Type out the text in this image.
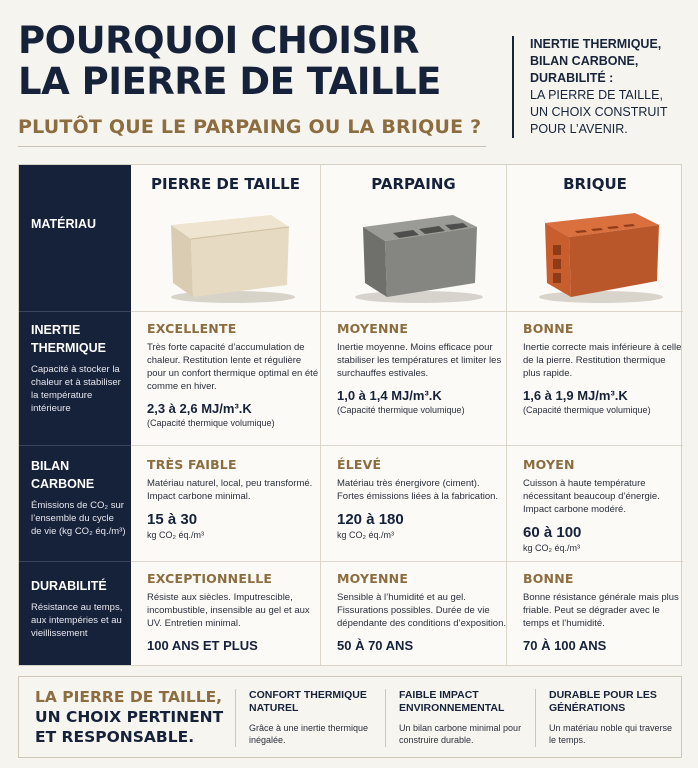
POURQUOI CHOISIR
LA PIERRE DE TAILLE
PLUTÔT QUE LE PARPAING OU LA BRIQUE ?
INERTIE THERMIQUE,
BILAN CARBONE,
DURABILITÉ :
LA PIERRE DE TAILLE,
UN CHOIX CONSTRUIT
POUR L’AVENIR.
MATÉRIAU
INERTIE THERMIQUE
Capacité à stocker la chaleur et à stabiliser la température intérieure
BILAN CARBONE
Émissions de CO₂ sur l’ensemble du cycle de vie (kg CO₂ éq./m³)
DURABILITÉ
Résistance au temps, aux intempéries et au vieillissement
PIERRE DE TAILLE
EXCELLENTE
Très forte capacité d’accumulation de chaleur. Restitution lente et régulière pour un confort thermique optimal en été comme en hiver.
2,3 à 2,6 MJ/m³.K
(Capacité thermique volumique)
TRÈS FAIBLE
Matériau naturel, local, peu transformé. Impact carbone minimal.
15 à 30
kg CO₂ éq./m³
EXCEPTIONNELLE
Résiste aux siècles. Imputrescible, incombustible, insensible au gel et aux UV. Entretien minimal.
100 ANS ET PLUS
PARPAING
MOYENNE
Inertie moyenne. Moins efficace pour stabiliser les températures et limiter les surchauffes estivales.
1,0 à 1,4 MJ/m³.K
(Capacité thermique volumique)
ÉLEVÉ
Matériau très énergivore (ciment). Fortes émissions liées à la fabrication.
120 à 180
kg CO₂ éq./m³
MOYENNE
Sensible à l’humidité et au gel. Fissurations possibles. Durée de vie dépendante des conditions d’exposition.
50 À 70 ANS
BRIQUE
BONNE
Inertie correcte mais inférieure à celle de la pierre. Restitution thermique plus rapide.
1,6 à 1,9 MJ/m³.K
(Capacité thermique volumique)
MOYEN
Cuisson à haute température nécessitant beaucoup d’énergie. Impact carbone modéré.
60 à 100
kg CO₂ éq./m³
BONNE
Bonne résistance générale mais plus friable. Peut se dégrader avec le temps et l’humidité.
70 À 100 ANS
LA PIERRE DE TAILLE,
UN CHOIX PERTINENT
ET RESPONSABLE.
CONFORT THERMIQUE NATUREL
Grâce à une inertie thermique inégalée.
FAIBLE IMPACT ENVIRONNEMENTAL
Un bilan carbone minimal pour construire durable.
DURABLE POUR LES GÉNÉRATIONS
Un matériau noble qui traverse le temps.
